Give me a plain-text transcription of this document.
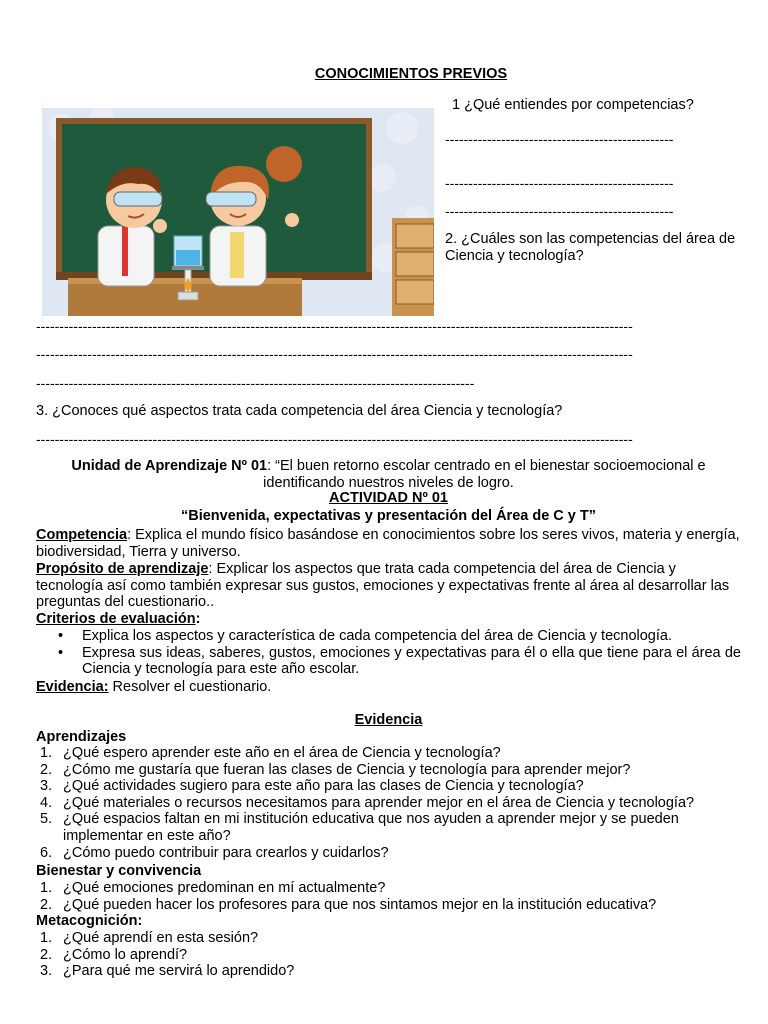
CONOCIMIENTOS PREVIOS
1 ¿Qué entiendes por competencias?
-------------------------------------------------
-------------------------------------------------
-------------------------------------------------
2. ¿Cuáles son las competencias del área de Ciencia y tecnología?
--------------------------------------------------------------------------------------------------------------------------------
--------------------------------------------------------------------------------------------------------------------------------
----------------------------------------------------------------------------------------------
3. ¿Conoces qué aspectos trata cada competencia del área Ciencia y tecnología?
--------------------------------------------------------------------------------------------------------------------------------
Unidad de Aprendizaje Nº 01: “El buen retorno escolar centrado en el bienestar socioemocional e identificando nuestros niveles de logro.
ACTIVIDAD Nº 01
“Bienvenida, expectativas y presentación del Área de C y T”
Competencia: Explica el mundo físico basándose en conocimientos sobre los seres vivos, materia y energía, biodiversidad, Tierra y universo.
Propósito de aprendizaje: Explicar los aspectos que trata cada competencia del área de Ciencia y tecnología así como también expresar sus gustos, emociones y expectativas frente al área al desarrollar las preguntas del cuestionario..
Criterios de evaluación:
• Explica los aspectos y característica de cada competencia del área de Ciencia y tecnología.
• Expresa sus ideas, saberes, gustos, emociones y expectativas para él o ella que tiene para el área de Ciencia y tecnología para este año escolar.
Evidencia: Resolver el cuestionario.
Evidencia
Aprendizajes
1. ¿Qué espero aprender este año en el área de Ciencia y tecnología?
2. ¿Cómo me gustaría que fueran las clases de Ciencia y tecnología para aprender mejor?
3. ¿Qué actividades sugiero para este año para las clases de Ciencia y tecnología?
4. ¿Qué materiales o recursos necesitamos para aprender mejor en el área de Ciencia y tecnología?
5. ¿Qué espacios faltan en mi institución educativa que nos ayuden a aprender mejor y se pueden implementar en este año?
6. ¿Cómo puedo contribuir para crearlos y cuidarlos?
Bienestar y convivencia
1. ¿Qué emociones predominan en mí actualmente?
2. ¿Qué pueden hacer los profesores para que nos sintamos mejor en la institución educativa?
Metacognición:
1. ¿Qué aprendí en esta sesión?
2. ¿Cómo lo aprendí?
3. ¿Para qué me servirá lo aprendido?
